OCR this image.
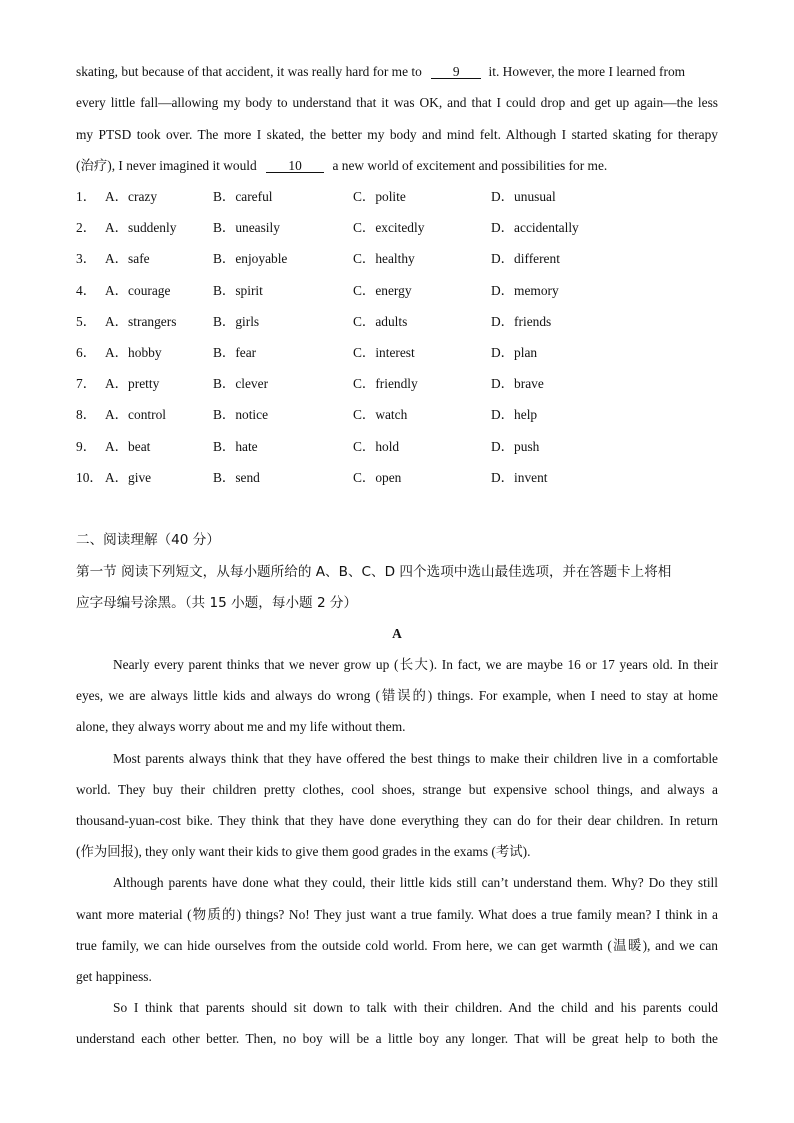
skating, but because of that accident, it was really hard for me to 9 it. However, the more I learned from
every little fall—allowing my body to understand that it was OK, and that I could drop and get up again—the less
my PTSD took over. The more I skated, the better my body and mind felt. Although I started skating for therapy
(治疗), I never imagined it would 10 a new world of excitement and possibilities for me.
1． A．crazy	B．careful	C．polite	D．unusual
2． A．suddenly	B．uneasily	C．excitedly	D．accidentally
3． A．safe	B．enjoyable	C．healthy	D．different
4． A．courage	B．spirit	C．energy	D．memory
5． A．strangers	B．girls	C．adults	D．friends
6． A．hobby	B．fear	C．interest	D．plan
7． A．pretty	B．clever	C．friendly	D．brave
8． A．control	B．notice	C．watch	D．help
9． A．beat	B．hate	C．hold	D．push
10． A．give	B．send	C．open	D．invent
二、阅读理解（40 分）
第一节 阅读下列短文，从每小题所给的 A、B、C、D 四个选项中选山最佳选项，并在答题卡上将相
应字母编号涂黑。（共 15 小题，每小题 2 分）
A
Nearly every parent thinks that we never grow up (长大). In fact, we are maybe 16 or 17 years old. In their
eyes, we are always little kids and always do wrong (错误的) things. For example, when I need to stay at home
alone, they always worry about me and my life without them.
Most parents always think that they have offered the best things to make their children live in a comfortable
world. They buy their children pretty clothes, cool shoes, strange but expensive school things, and always a
thousand-yuan-cost bike. They think that they have done everything they can do for their dear children. In return
(作为回报), they only want their kids to give them good grades in the exams (考试).
Although parents have done what they could, their little kids still can’t understand them. Why? Do they still
want more material (物质的) things? No! They just want a true family. What does a true family mean? I think in a
true family, we can hide ourselves from the outside cold world. From here, we can get warmth (温暖), and we can
get happiness.
So I think that parents should sit down to talk with their children. And the child and his parents could
understand each other better. Then, no boy will be a little boy any longer. That will be great help to both the
